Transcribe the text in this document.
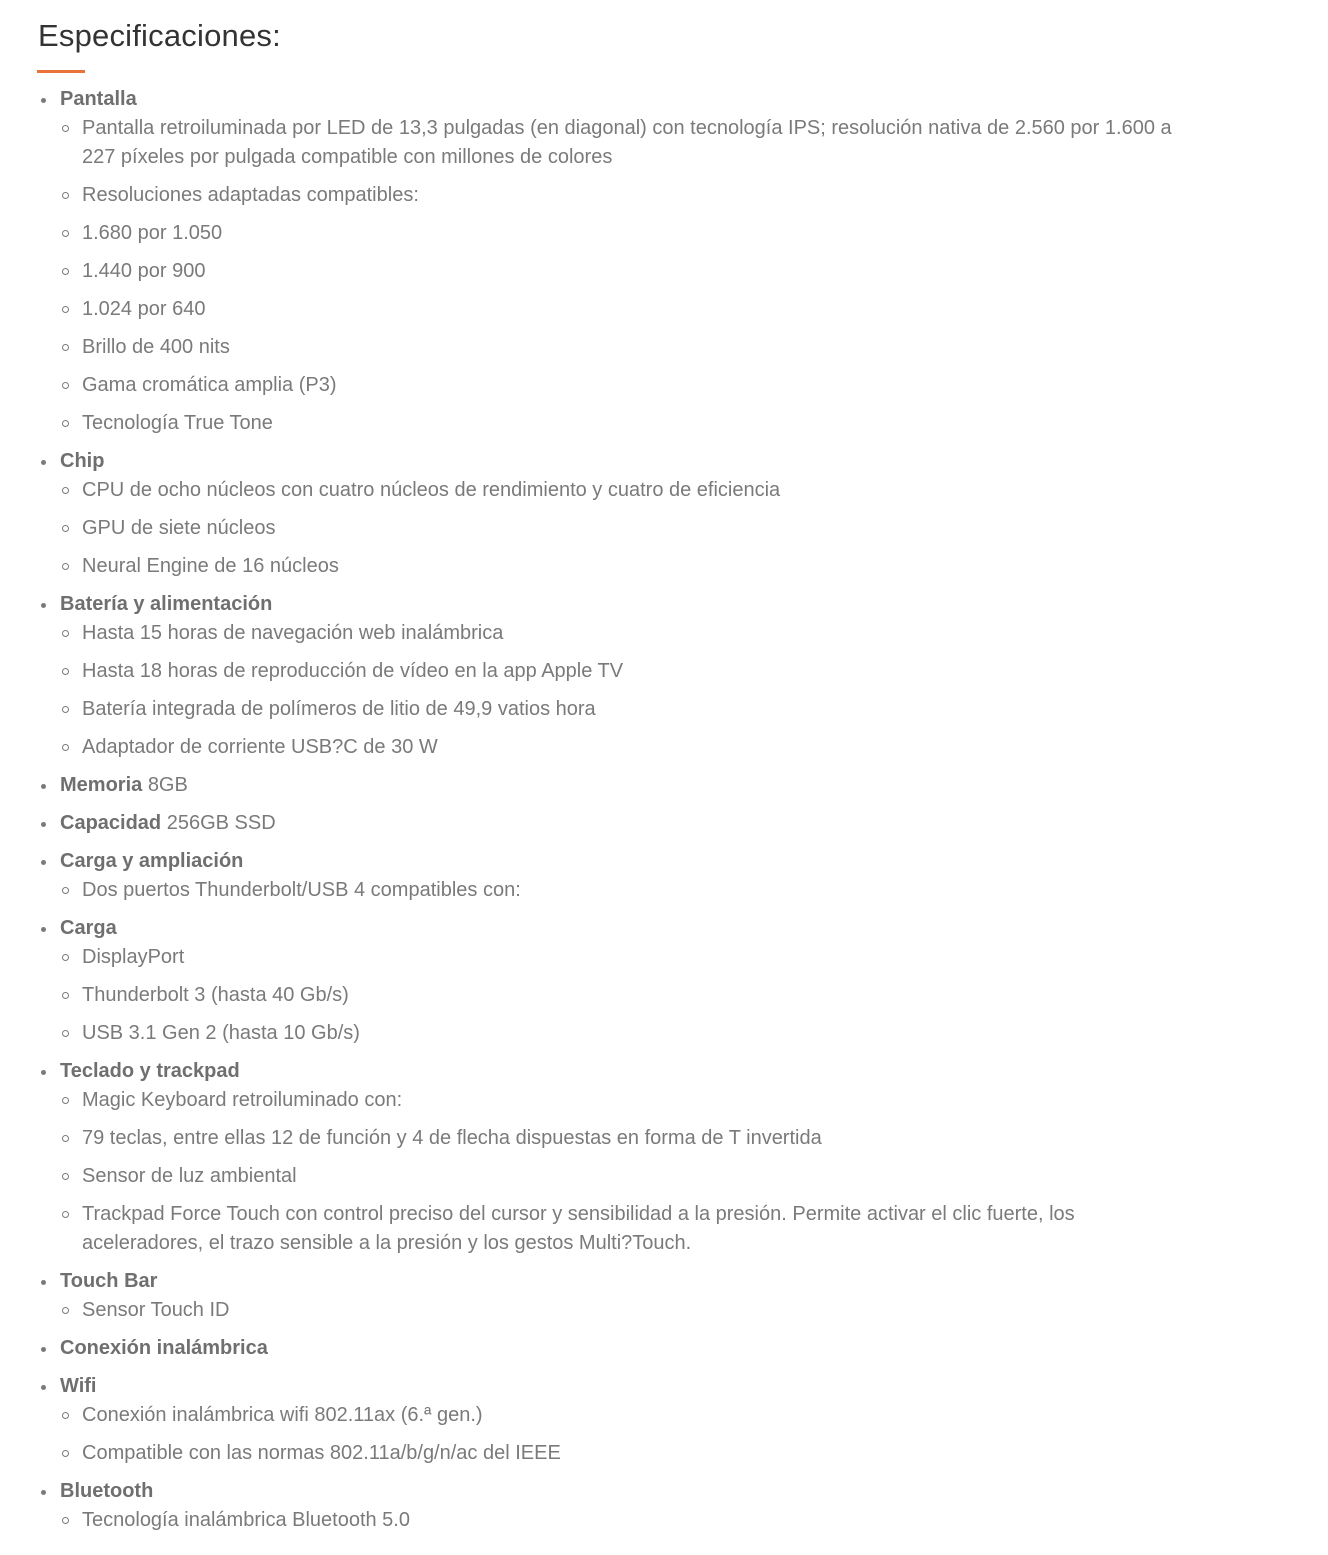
Especificaciones:
Pantalla
Pantalla retroiluminada por LED de 13,3 pulgadas (en diagonal) con tecnología IPS; resolución nativa de 2.560 por 1.600 a 227 píxeles por pulgada compatible con millones de colores
Resoluciones adaptadas compatibles:
1.680 por 1.050
1.440 por 900
1.024 por 640
Brillo de 400 nits
Gama cromática amplia (P3)
Tecnología True Tone
Chip
CPU de ocho núcleos con cuatro núcleos de rendimiento y cuatro de eficiencia
GPU de siete núcleos
Neural Engine de 16 núcleos
Batería y alimentación
Hasta 15 horas de navegación web inalámbrica
Hasta 18 horas de reproducción de vídeo en la app Apple TV
Batería integrada de polímeros de litio de 49,9 vatios hora
Adaptador de corriente USB?C de 30 W
Memoria 8GB
Capacidad 256GB SSD
Carga y ampliación
Dos puertos Thunderbolt/USB 4 compatibles con:
Carga
DisplayPort
Thunderbolt 3 (hasta 40 Gb/s)
USB 3.1 Gen 2 (hasta 10 Gb/s)
Teclado y trackpad
Magic Keyboard retroiluminado con:
79 teclas, entre ellas 12 de función y 4 de flecha dispuestas en forma de T invertida
Sensor de luz ambiental
Trackpad Force Touch con control preciso del cursor y sensibilidad a la presión. Permite activar el clic fuerte, los aceleradores, el trazo sensible a la presión y los gestos Multi?Touch.
Touch Bar
Sensor Touch ID
Conexión inalámbrica
Wifi
Conexión inalámbrica wifi 802.11ax (6.ª gen.)
Compatible con las normas 802.11a/b/g/n/ac del IEEE
Bluetooth
Tecnología inalámbrica Bluetooth 5.0
